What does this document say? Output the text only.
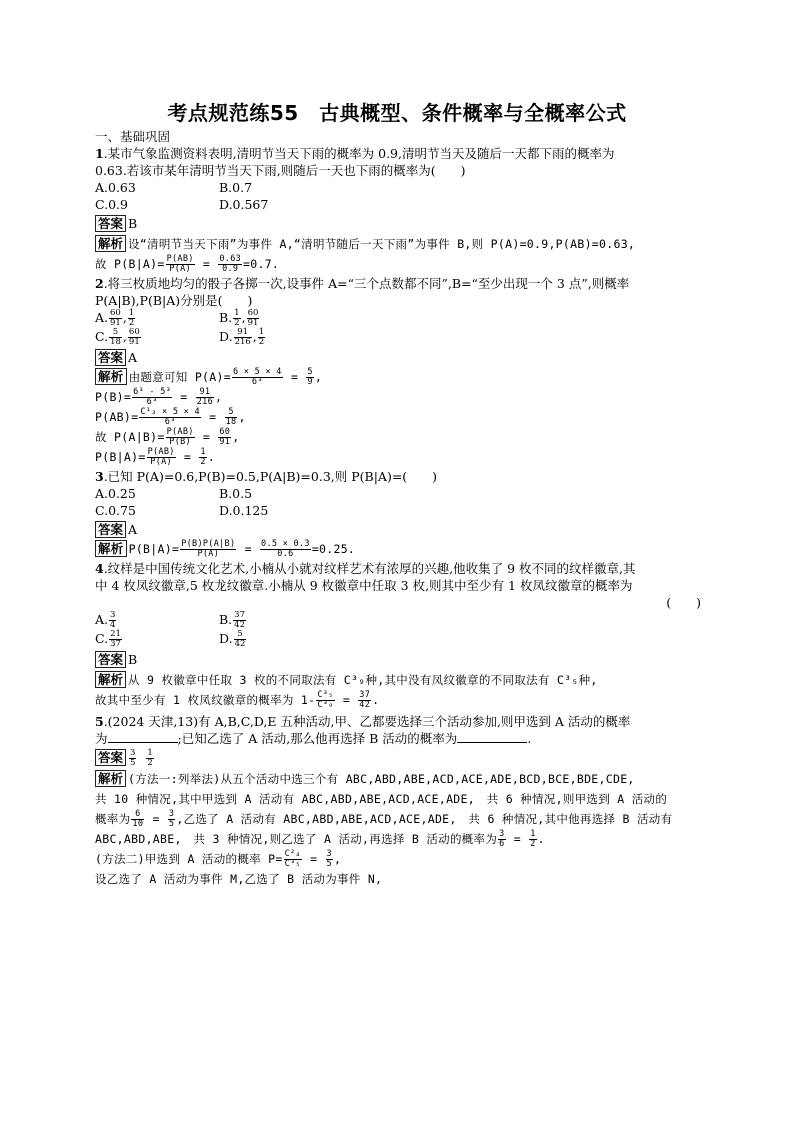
考点规范练55　古典概型、条件概率与全概率公式
一、基础巩固
1.某市气象监测资料表明,清明节当天下雨的概率为 0.9,清明节当天及随后一天都下雨的概率为
0.63.若该市某年清明节当天下雨,则随后一天也下雨的概率为(　　)
A.0.63	B.0.7
C.0.9	D.0.567
答案 B
解析 设“清明节当天下雨”为事件 A,“清明节随后一天下雨”为事件 B,则 P(A)=0.9,P(AB)=0.63,
故 $P(B|A)= \frac{P(AB)}{P(A)} = \frac{0.63}{0.9} =0.7$.
2.将三枚质地均匀的骰子各掷一次,设事件 A=“三个点数都不同”,B=“至少出现一个 3 点”,则概率
P(A|B),P(B|A)分别是(　　)
A. $\frac{60}{91}$ , $\frac{1}{2}$	B. $\frac{1}{2}$ , $\frac{60}{91}$
C. $\frac{5}{18}$ , $\frac{60}{91}$	D. $\frac{91}{216}$ , $\frac{1}{2}$
答案 A
解析 由题意可知 $P(A)= \frac{6 \times 5 \times 4}{\text{6³}} = \frac{5}{9}$ ,
$P(B)= \frac{\text{6³ - 5³}}{\text{6³}} = \frac{91}{216}$ ,
$P(AB)= \frac{\text{C¹₃ × 5 × 4}}{\text{6³}} = \frac{5}{18}$ ,
故 $P(A|B)= \frac{P(AB)}{P(B)} = \frac{60}{91}$ ,
$P(B|A)= \frac{P(AB)}{P(A)} = \frac{1}{2}$ .
3.已知 P(A)=0.6,P(B)=0.5,P(A|B)=0.3,则 P(B|A)=(　　)
A.0.25	B.0.5
C.0.75	D.0.125
答案 A
解析 $P(B|A)= \frac{P(B)P(A|B)}{P(A)} = \frac{0.5 \times 0.3}{0.6} =0.25$.
4.纹样是中国传统文化艺术,小楠从小就对纹样艺术有浓厚的兴趣,他收集了 9 枚不同的纹样徽章,其
中 4 枚凤纹徽章,5 枚龙纹徽章.小楠从 9 枚徽章中任取 3 枚,则其中至少有 1 枚凤纹徽章的概率为
(　　)
A. $\frac{3}{4}$	B. $\frac{37}{42}$
C. $\frac{21}{37}$	D. $\frac{5}{42}$
答案 B
解析 从 9 枚徽章中任取 3 枚的不同取法有 C³₉种,其中没有凤纹徽章的不同取法有 C³₅种,
故其中至少有 1 枚凤纹徽章的概率为 $1- \frac{\text{C³₅}}{\text{C³₉}} = \frac{37}{42}$ .
5.(2024 天津,13)有 A,B,C,D,E 五种活动,甲、乙都要选择三个活动参加,则甲选到 A 活动的概率
为	;已知乙选了 A 活动,那么他再选择 B 活动的概率为	.
答案 $\frac{3}{5}$
$\frac{1}{2}$
解析 (方法一:列举法)从五个活动中选三个有 ABC,ABD,ABE,ACD,ACE,ADE,BCD,BCE,BDE,CDE,
共 10 种情况,其中甲选到 A 活动有 ABC,ABD,ABE,ACD,ACE,ADE,　共 6 种情况,则甲选到 A 活动的
概率为 $\frac{6}{10} = \frac{3}{5}$ ,乙选了 A 活动有 ABC,ABD,ABE,ACD,ACE,ADE,　共 6 种情况,其中他再选择 B 活动有
ABC,ABD,ABE,　共 3 种情况,则乙选了 A 活动,再选择 B 活动的概率为 $\frac{3}{6} = \frac{1}{2}$ .
(方法二)甲选到 A 活动的概率 $P= \frac{\text{C²₄}}{\text{C³₅}} = \frac{3}{5}$ ,
设乙选了 A 活动为事件 M,乙选了 B 活动为事件 N,
